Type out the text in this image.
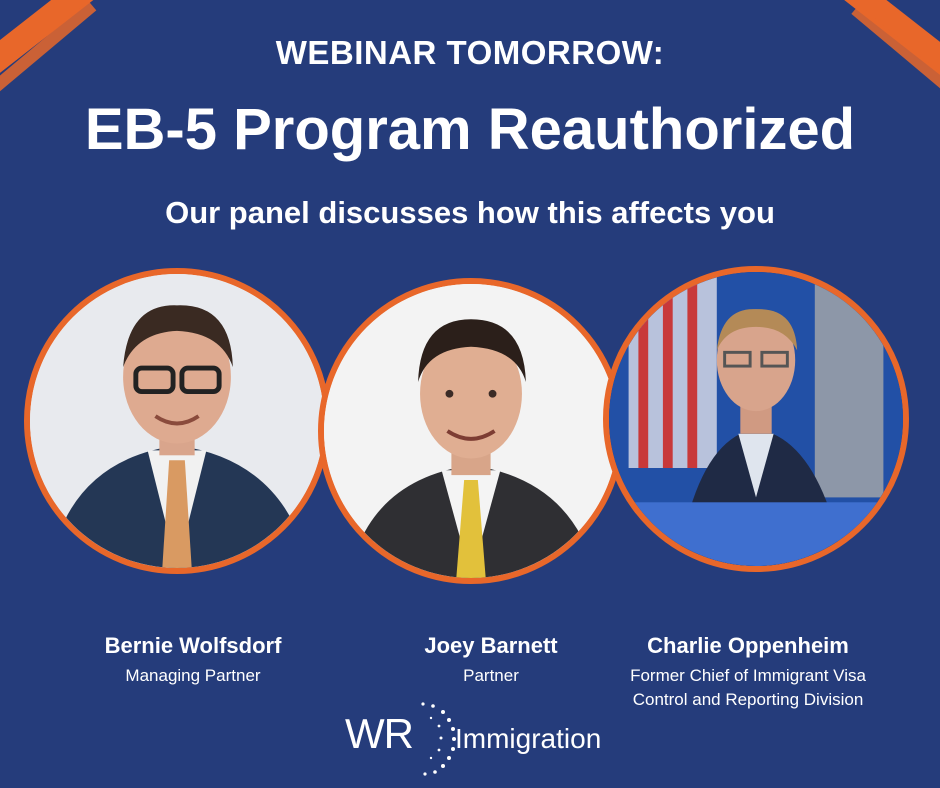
WEBINAR TOMORROW:
EB-5 Program Reauthorized
Our panel discusses how this affects you
Bernie Wolfsdorf
Managing Partner
Joey Barnett
Partner
Charlie Oppenheim
Former Chief of Immigrant Visa
Control and Reporting Division
WR Immigration
